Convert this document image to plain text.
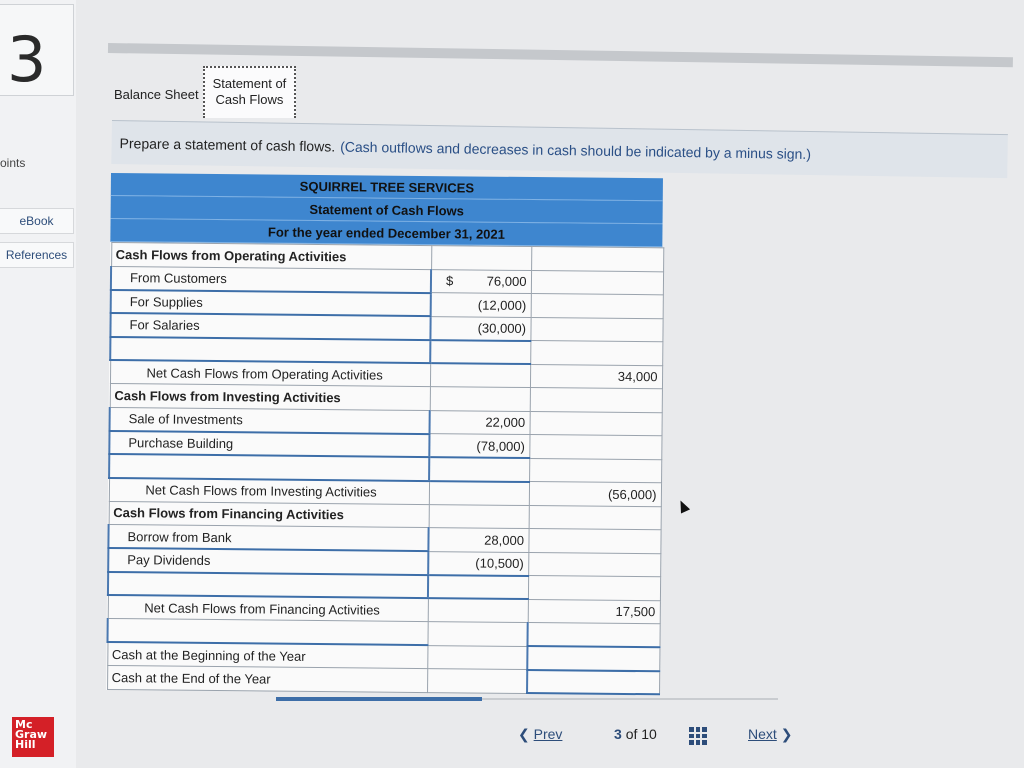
3
oints
eBook
References
Balance Sheet
Statement of
Cash Flows
Prepare a statement of cash flows. (Cash outflows and decreases in cash should be indicated by a minus sign.)
SQUIRREL TREE SERVICES
Statement of Cash Flows
For the year ended December 31, 2021
Cash Flows from Operating Activities		
From Customers	$ 76,000	
For Supplies	(12,000)	
For Salaries	(30,000)	

Net Cash Flows from Operating Activities		34,000
Cash Flows from Investing Activities		
Sale of Investments	22,000	
Purchase Building	(78,000)	

Net Cash Flows from Investing Activities		(56,000)
Cash Flows from Financing Activities		
Borrow from Bank	28,000	
Pay Dividends	(10,500)	

Net Cash Flows from Financing Activities		17,500

Cash at the Beginning of the Year		
Cash at the End of the Year		
Mc
Graw
Hill
❮ Prev	3 of 10	Next ❯
